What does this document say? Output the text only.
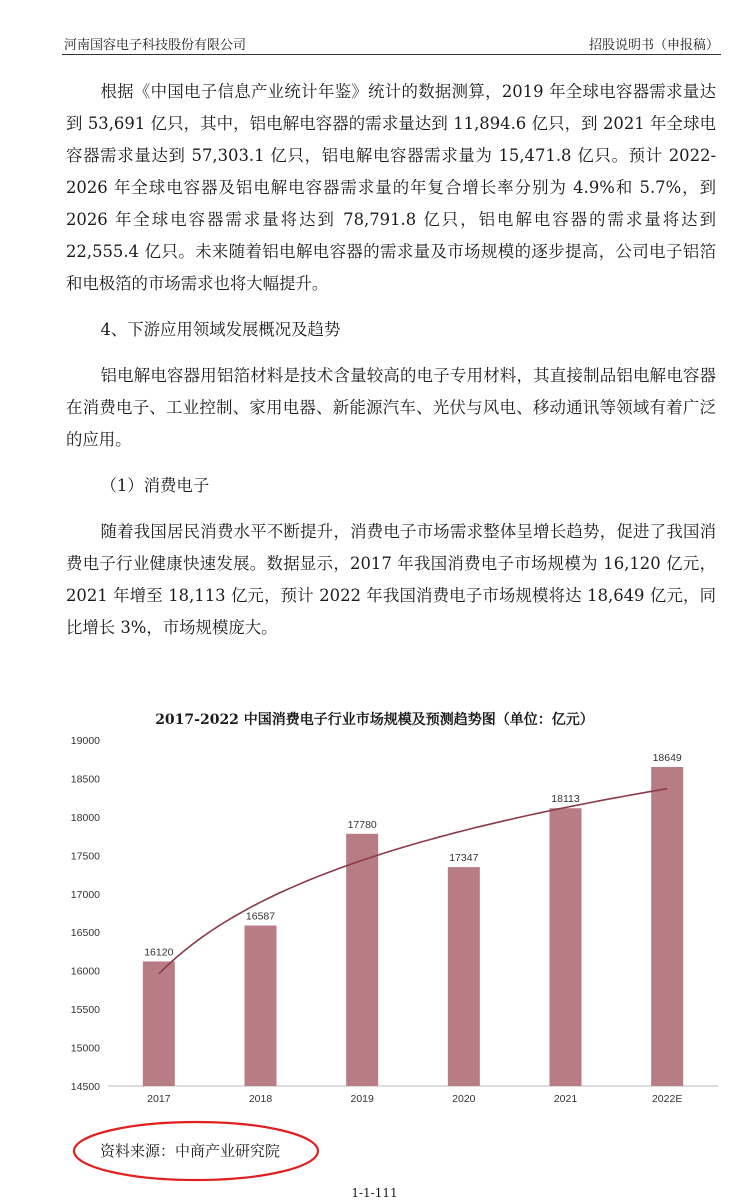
河南国容电子科技股份有限公司	招股说明书（申报稿）

根据《中国电子信息产业统计年鉴》统计的数据测算，2019 年全球电容器需求量达到 53,691 亿只，其中，铝电解电容器的需求量达到 11,894.6 亿只，到 2021 年全球电容器需求量达到 57,303.1 亿只，铝电解电容器需求量为 15,471.8 亿只。预计 2022-2026 年全球电容器及铝电解电容器需求量的年复合增长率分别为 4.9%和 5.7%，到 2026 年全球电容器需求量将达到 78,791.8 亿只，铝电解电容器的需求量将达到 22,555.4 亿只。未来随着铝电解电容器的需求量及市场规模的逐步提高，公司电子铝箔和电极箔的市场需求也将大幅提升。

4、下游应用领域发展概况及趋势

铝电解电容器用铝箔材料是技术含量较高的电子专用材料，其直接制品铝电解电容器在消费电子、工业控制、家用电器、新能源汽车、光伏与风电、移动通讯等领域有着广泛的应用。

（1）消费电子

随着我国居民消费水平不断提升，消费电子市场需求整体呈增长趋势，促进了我国消费电子行业健康快速发展。数据显示，2017 年我国消费电子市场规模为 16,120 亿元，2021 年增至 18,113 亿元，预计 2022 年我国消费电子市场规模将达 18,649 亿元，同比增长 3%，市场规模庞大。

2017-2022 中国消费电子行业市场规模及预测趋势图（单位：亿元）
14500
15000
15500
16000
16500
17000
17500
18000
18500
19000
16120
16587
17780
17347
18113
18649
2017	2018	2019	2020	2021	2022E
资料来源：中商产业研究院
1-1-111
